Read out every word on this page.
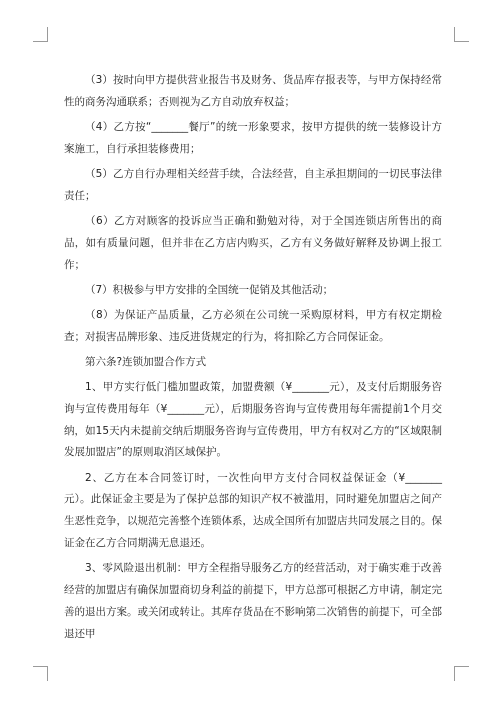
（3）按时向甲方提供营业报告书及财务、货品库存报表等，与甲方保持经常性的商务沟通联系；否则视为乙方自动放弃权益；

（4）乙方按“_______餐厅”的统一形象要求，按甲方提供的统一装修设计方案施工，自行承担装修费用；

（5）乙方自行办理相关经营手续，合法经营，自主承担期间的一切民事法律责任；

（6）乙方对顾客的投诉应当正确和勤勉对待，对于全国连锁店所售出的商品，如有质量问题，但并非在乙方店内购买，乙方有义务做好解释及协调上报工作；

（7）积极参与甲方安排的全国统一促销及其他活动；

（8）为保证产品质量，乙方必须在公司统一采购原材料，甲方有权定期检查；对损害品牌形象、违反进货规定的行为，将扣除乙方合同保证金。

第六条?连锁加盟合作方式

1、甲方实行低门槛加盟政策，加盟费额（¥_______元），及支付后期服务咨询与宣传费用每年（¥_______元），后期服务咨询与宣传费用每年需提前1个月交纳，如15天内未提前交纳后期服务咨询与宣传费用，甲方有权对乙方的“区域限制发展加盟店”的原则取消区域保护。

2、乙方在本合同签订时，一次性向甲方支付合同权益保证金（¥_______元）。此保证金主要是为了保护总部的知识产权不被滥用，同时避免加盟店之间产生恶性竞争，以规范完善整个连锁体系，达成全国所有加盟店共同发展之目的。保证金在乙方合同期满无息退还。

3、零风险退出机制：甲方全程指导服务乙方的经营活动，对于确实难于改善经营的加盟店有确保加盟商切身利益的前提下，甲方总部可根据乙方申请，制定完善的退出方案。或关闭或转让。其库存货品在不影响第二次销售的前提下，可全部退还甲
